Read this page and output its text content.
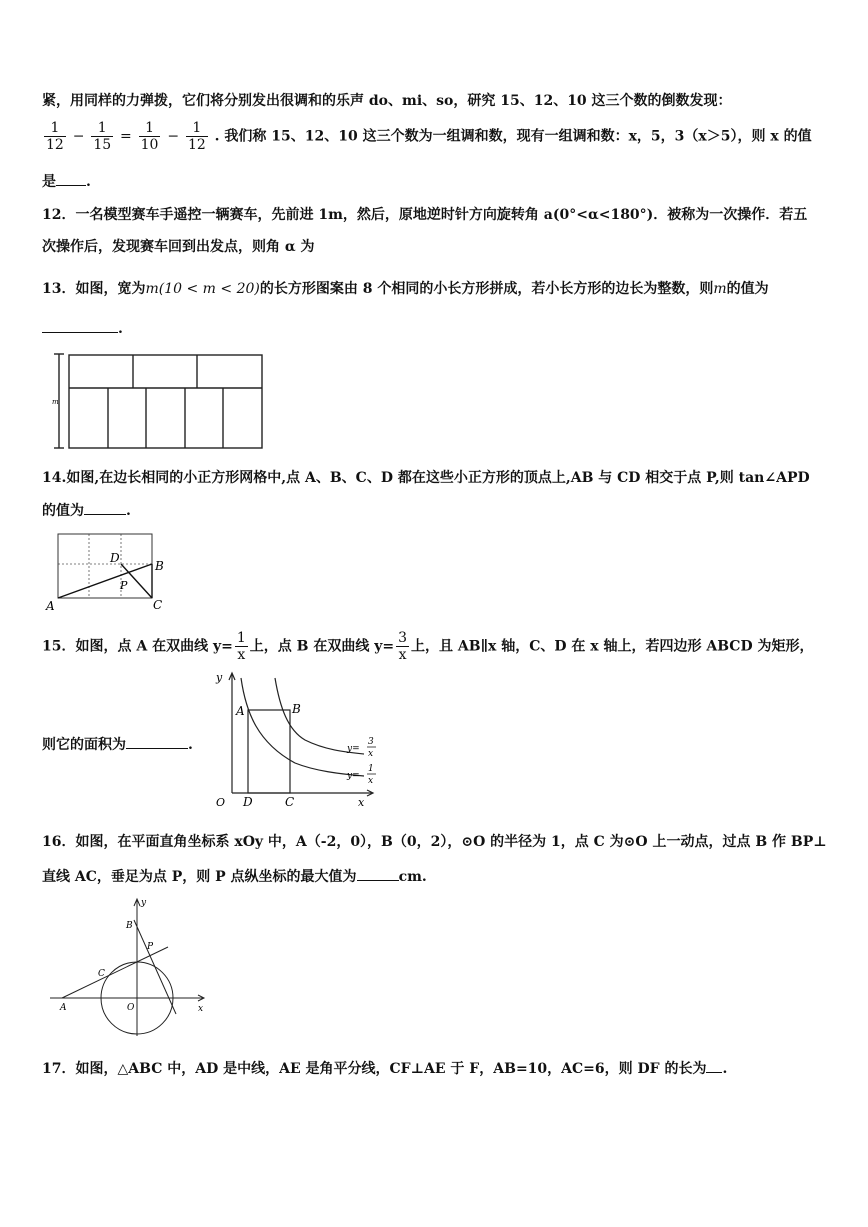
紧，用同样的力弹拨，它们将分别发出很调和的乐声 do、mi、so，研究 15、12、10 这三个数的倒数发现：
$\frac{1}{12} - \frac{1}{15} = \frac{1}{10} - \frac{1}{12}$ . 我们称 15、12、10 这三个数为一组调和数，现有一组调和数：x，5，3（x＞5），则 x 的值
是 .
12．一名模型赛车手遥控一辆赛车，先前进 1m，然后，原地逆时针方向旋转角 a(0°<α<180°)．被称为一次操作．若五
次操作后，发现赛车回到出发点，则角 α 为
13．如图，宽为m(10 < m < 20)的长方形图案由 8 个相同的小长方形拼成，若小长方形的边长为整数，则m的值为
.
m
14.如图,在边长相同的小正方形网格中,点 A、B、C、D 都在这些小正方形的顶点上,AB 与 CD 相交于点 P,则 tan∠APD
的值为	.
A
B
C
D
P
15．如图，点 A 在双曲线 $y= \frac{1}{x}$ 上，点 B 在双曲线 $y= \frac{3}{x}$ 上，且 AB∥x 轴，C、D 在 x 轴上，若四边形 ABCD 为矩形，
则它的面积为	.
y
x
O
A	B
C
D
y=
3
x
y=
1
x
16．如图，在平面直角坐标系 xOy 中，A（-2，0），B（0，2），⊙O 的半径为 1，点 C 为⊙O 上一动点，过点 B 作 BP⊥
直线 AC，垂足为点 P，则 P 点纵坐标的最大值为	cm.
y
x
O
A
B
C
P
17．如图，△ABC 中，AD 是中线，AE 是角平分线，CF⊥AE 于 F，AB=10，AC=6，则 DF 的长为 .
